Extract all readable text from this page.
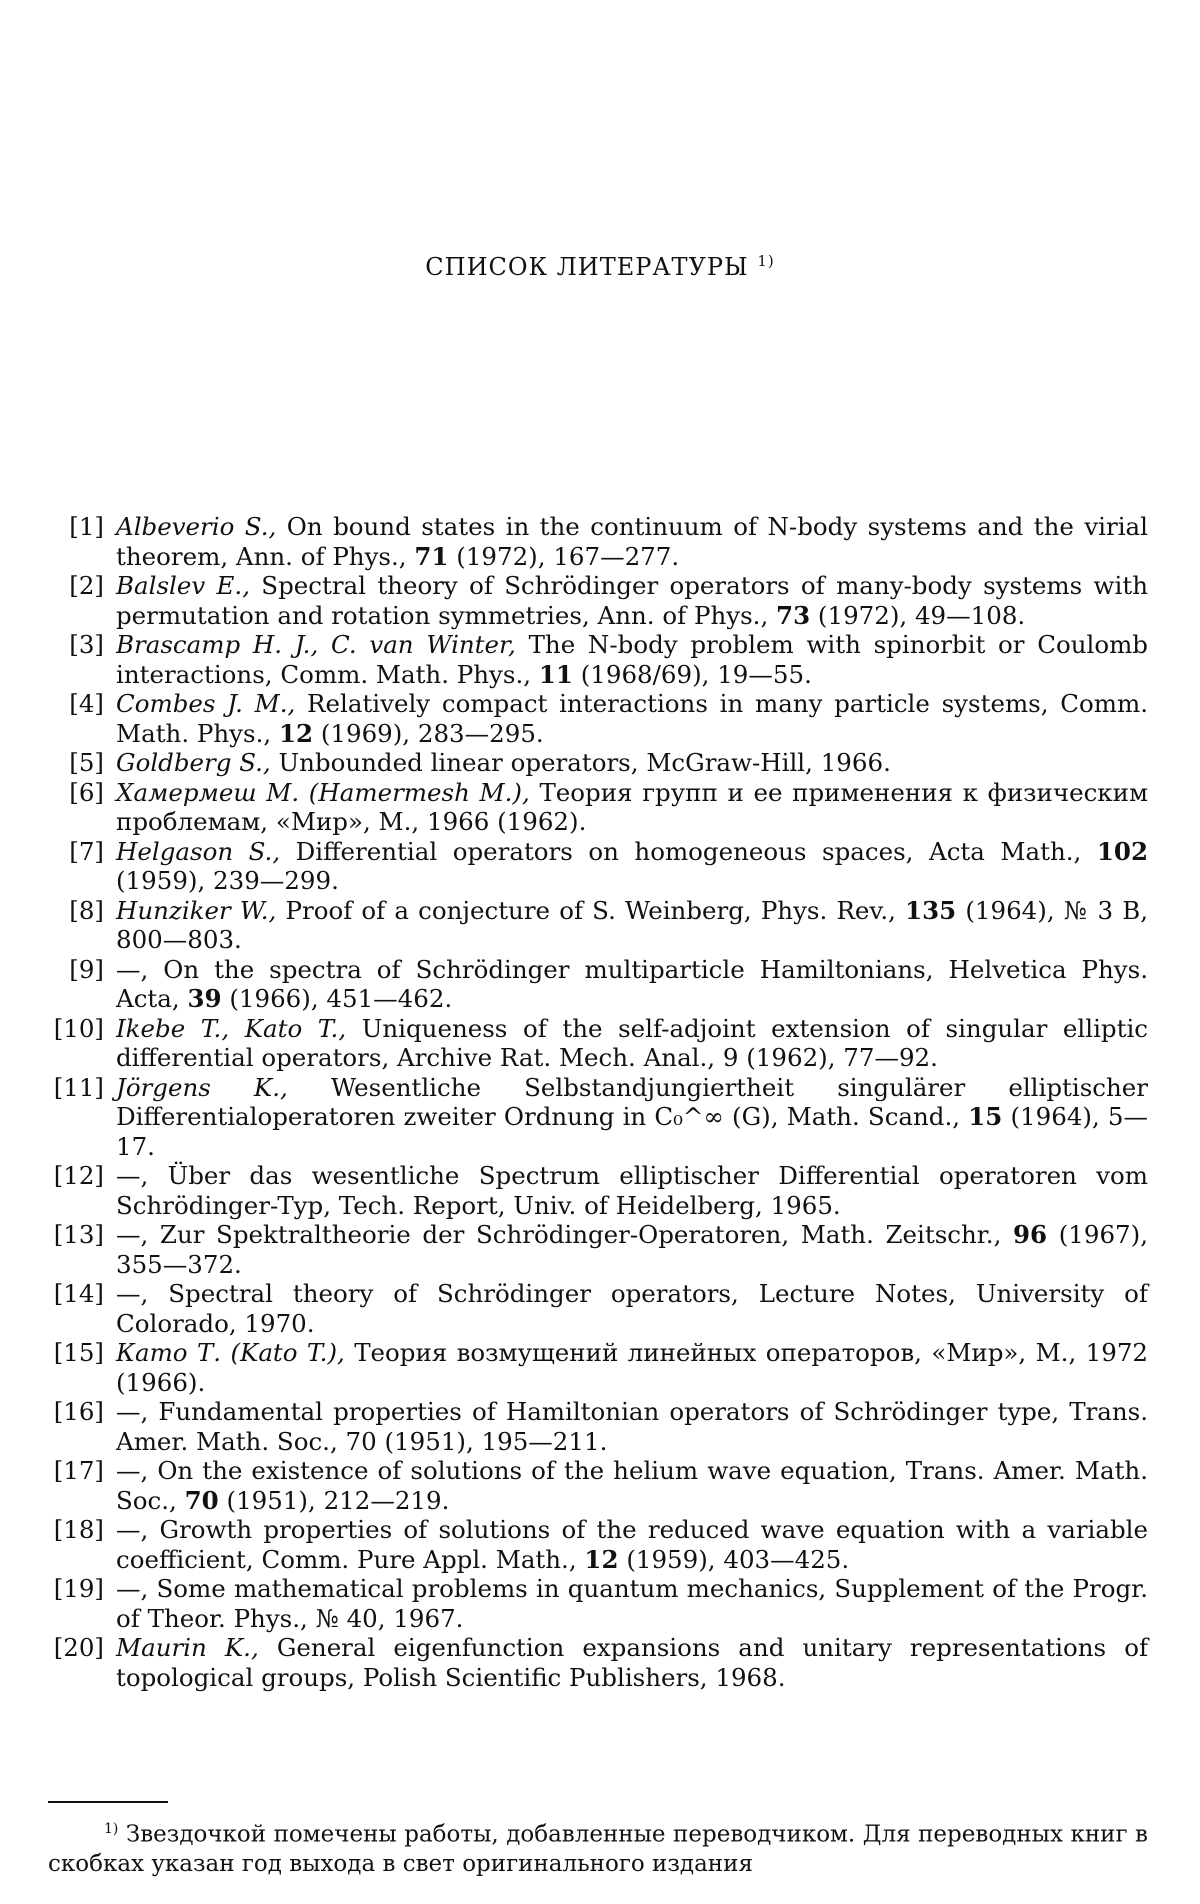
СПИСОК ЛИТЕРАТУРЫ $^{1)}$
[1] Albeverio S., On bound states in the continuum of N-body systems and the virial theorem, Ann. of Phys., 71 (1972), 167—277.
[2] Balslev E., Spectral theory of Schrödinger operators of many-body systems with permutation and rotation symmetries, Ann. of Phys., 73 (1972), 49—108.
[3] Brascamp H. J., C. van Winter, The N-body problem with spinorbit or Coulomb interactions, Comm. Math. Phys., 11 (1968/69), 19—55.
[4] Combes J. M., Relatively compact interactions in many particle systems, Comm. Math. Phys., 12 (1969), 283—295.
[5] Goldberg S., Unbounded linear operators, McGraw-Hill, 1966.
[6] Хамермеш М. (Hamermesh M.), Теория групп и ее применения к физическим проблемам, «Мир», М., 1966 (1962).
[7] Helgason S., Differential operators on homogeneous spaces, Acta Math., 102 (1959), 239—299.
[8] Hunziker W., Proof of a conjecture of S. Weinberg, Phys. Rev., 135 (1964), № 3 B, 800—803.
[9] —, On the spectra of Schrödinger multiparticle Hamiltonians, Helvetica Phys. Acta, 39 (1966), 451—462.
[10] Ikebe T., Kato T., Uniqueness of the self-adjoint extension of singular elliptic differential operators, Archive Rat. Mech. Anal., 9 (1962), 77—92.
[11] Jörgens K., Wesentliche Selbstandjungiertheit singulärer elliptischer Differentialoperatoren zweiter Ordnung in C₀^∞ (G), Math. Scand., 15 (1964), 5—17.
[12] —, Über das wesentliche Spectrum elliptischer Differential operatoren vom Schrödinger-Typ, Tech. Report, Univ. of Heidelberg, 1965.
[13] —, Zur Spektraltheorie der Schrödinger-Operatoren, Math. Zeitschr., 96 (1967), 355—372.
[14] —, Spectral theory of Schrödinger operators, Lecture Notes, University of Colorado, 1970.
[15] Като Т. (Kato T.), Теория возмущений линейных операторов, «Мир», М., 1972 (1966).
[16] —, Fundamental properties of Hamiltonian operators of Schrödinger type, Trans. Amer. Math. Soc., 70 (1951), 195—211.
[17] —, On the existence of solutions of the helium wave equation, Trans. Amer. Math. Soc., 70 (1951), 212—219.
[18] —, Growth properties of solutions of the reduced wave equation with a variable coefficient, Comm. Pure Appl. Math., 12 (1959), 403—425.
[19] —, Some mathematical problems in quantum mechanics, Supplement of the Progr. of Theor. Phys., № 40, 1967.
[20] Maurin K., General eigenfunction expansions and unitary representations of topological groups, Polish Scientific Publishers, 1968.
$^{1)}$ Звездочкой помечены работы, добавленные переводчиком. Для переводных книг в скобках указан год выхода в свет оригинального издания
